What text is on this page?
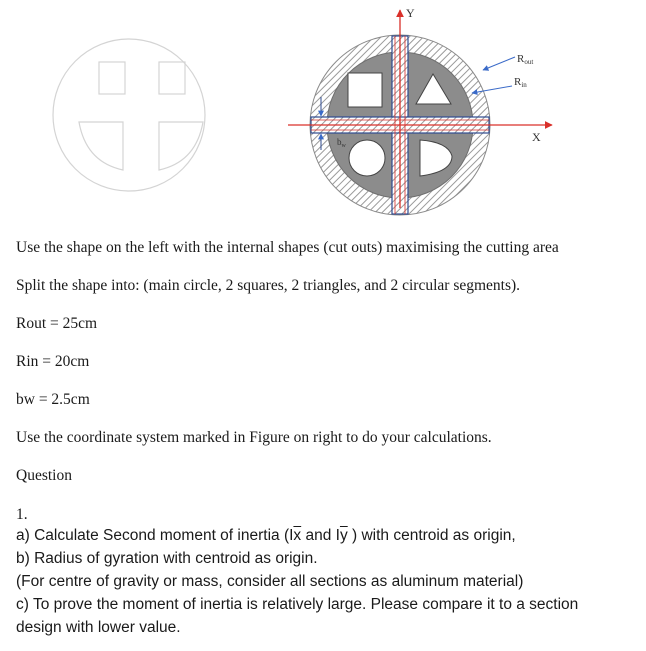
Y
X
Rout
Rin
$b_w$
Use the shape on the left with the internal shapes (cut outs) maximising the cutting area
Split the shape into: (main circle, 2 squares, 2 triangles, and 2 circular segments).
Rout = 25cm
Rin = 20cm
bw = 2.5cm
Use the coordinate system marked in Figure on right to do your calculations.
Question
1.
a) Calculate Second moment of inertia ($I\overline{x}$ and $I\overline{y}$ ) with centroid as origin,
b) Radius of gyration with centroid as origin.
(For centre of gravity or mass, consider all sections as aluminum material)
c) To prove the moment of inertia is relatively large. Please compare it to a section
design with lower value.
